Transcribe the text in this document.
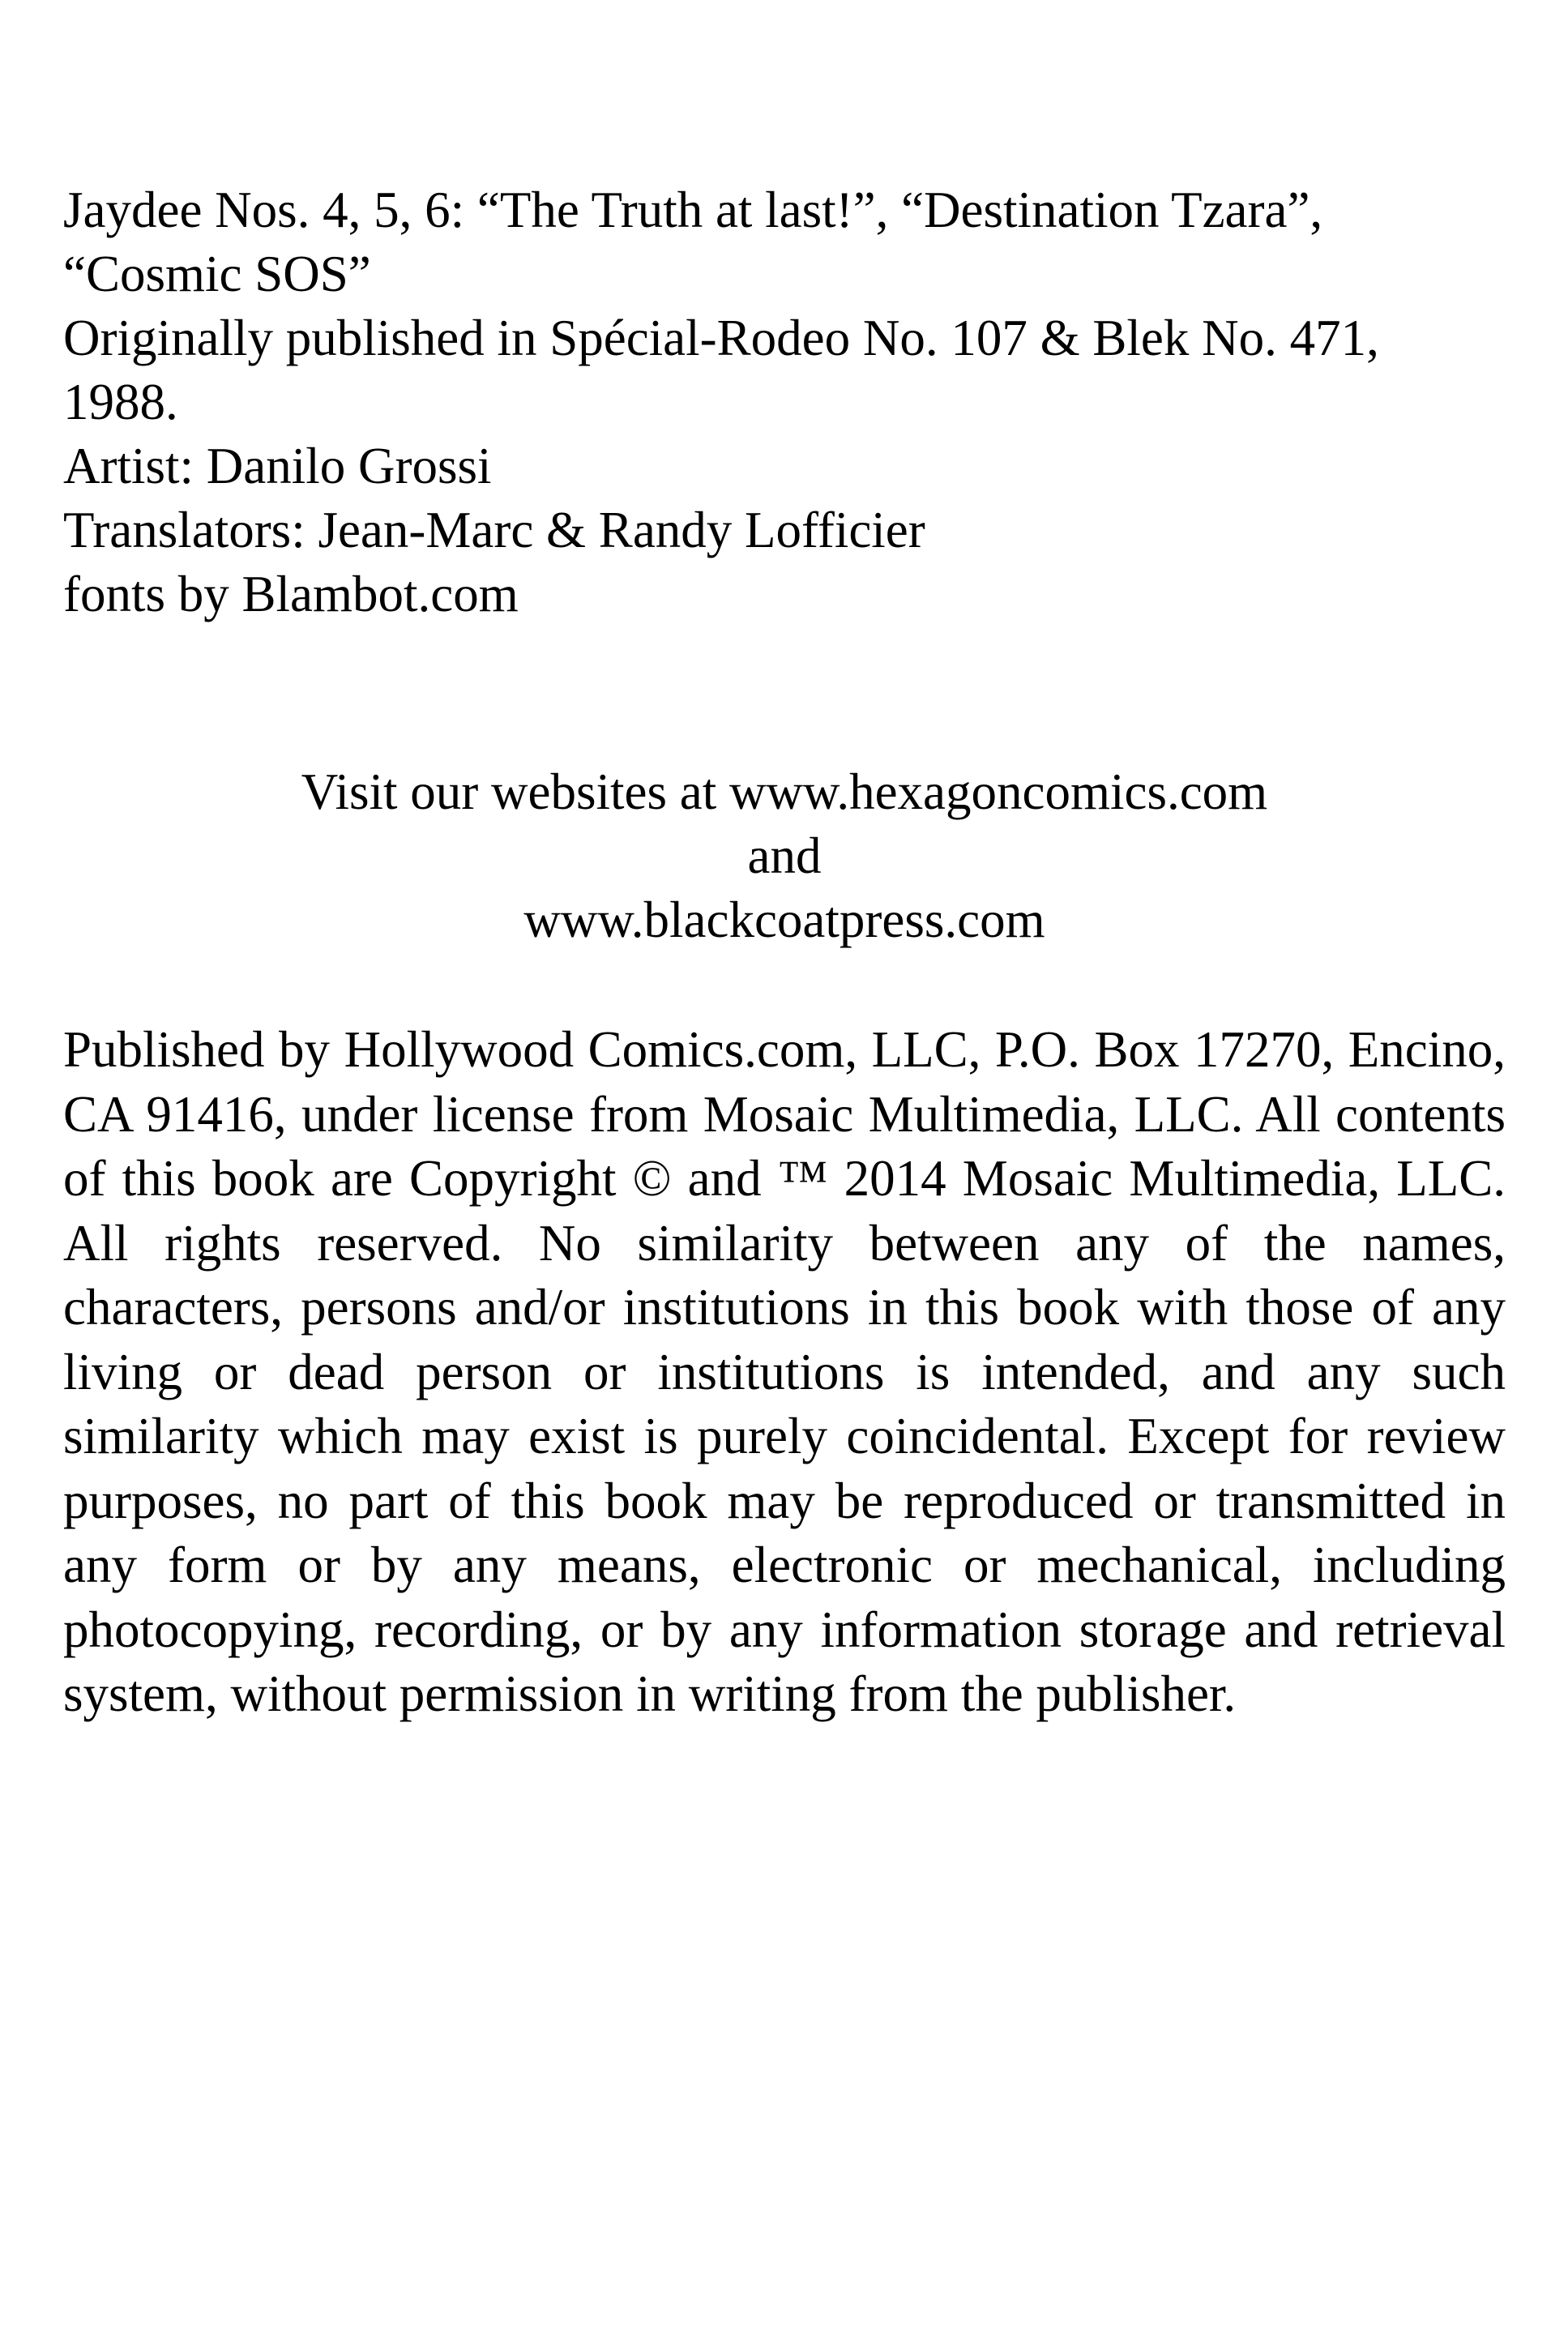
Jaydee Nos. 4, 5, 6: “The Truth at last!”, “Destination Tzara”,
“Cosmic SOS”
Originally published in Spécial-Rodeo No. 107 & Blek No. 471,
1988.
Artist: Danilo Grossi
Translators: Jean-Marc & Randy Lofficier
fonts by Blambot.com
Visit our websites at www.hexagoncomics.com
and
www.blackcoatpress.com
Published by Hollywood Comics.com, LLC, P.O. Box 17270, Encino, CA 91416, under license from Mosaic Multimedia, LLC. All contents of this book are Copyright © and ™ 2014 Mosaic Multimedia, LLC. All rights reserved. No similarity between any of the names, characters, persons and/or institutions in this book with those of any living or dead person or institutions is intended, and any such similarity which may exist is purely coincidental. Except for review purposes, no part of this book may be reproduced or transmitted in any form or by any means, electronic or mechanical, including photocopying, recording, or by any information storage and retrieval system, without permission in writing from the publisher.
